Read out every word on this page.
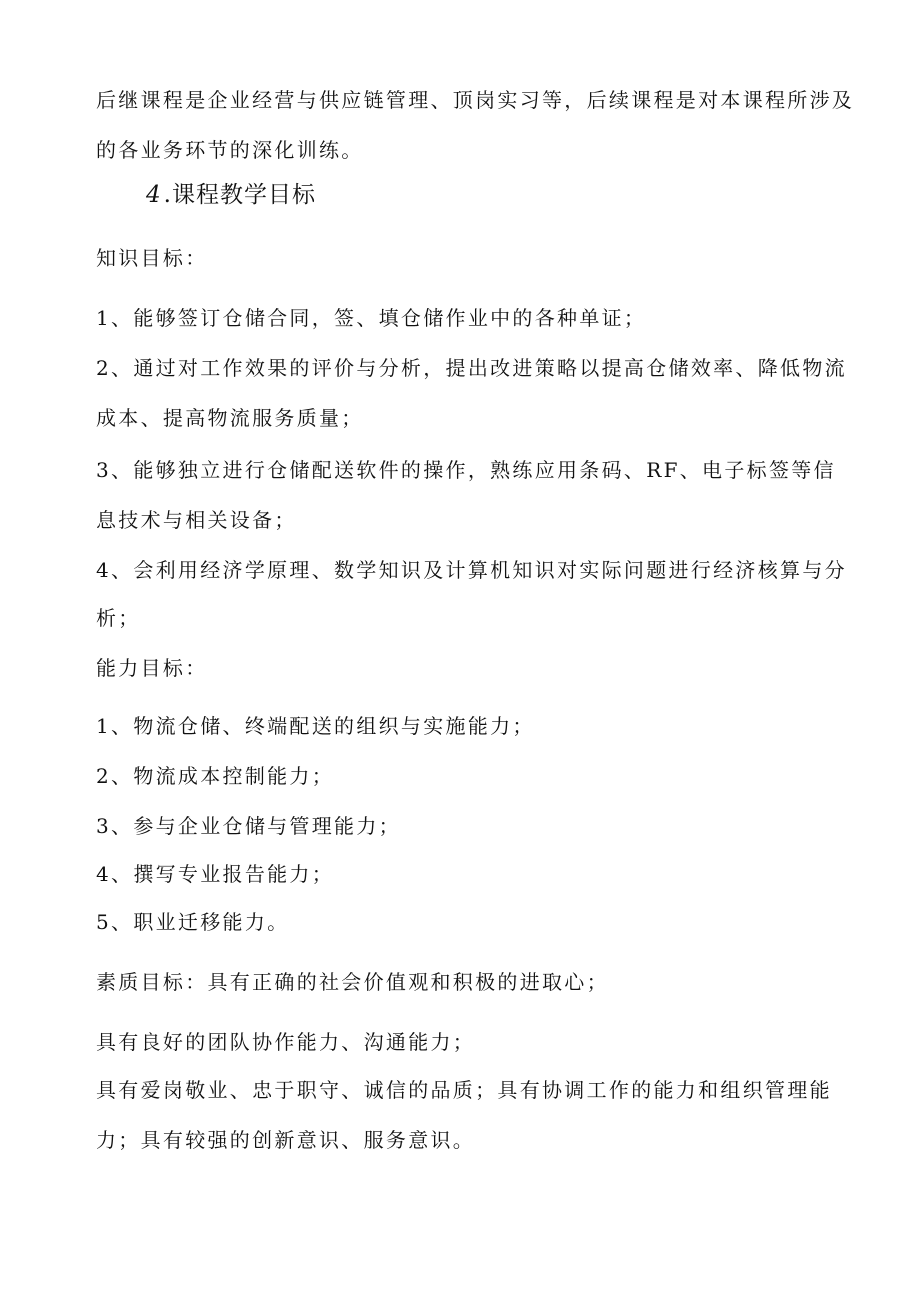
后继课程是企业经营与供应链管理、顶岗实习等，后续课程是对本课程所涉及
的各业务环节的深化训练。
4.课程教学目标
知识目标：
1、能够签订仓储合同，签、填仓储作业中的各种单证；
2、通过对工作效果的评价与分析，提出改进策略以提高仓储效率、降低物流
成本、提高物流服务质量；
3、能够独立进行仓储配送软件的操作，熟练应用条码、RF、电子标签等信
息技术与相关设备；
4、会利用经济学原理、数学知识及计算机知识对实际问题进行经济核算与分
析；
能力目标：
1、物流仓储、终端配送的组织与实施能力；
2、物流成本控制能力；
3、参与企业仓储与管理能力；
4、撰写专业报告能力；
5、职业迁移能力。
素质目标：具有正确的社会价值观和积极的进取心；
具有良好的团队协作能力、沟通能力；
具有爱岗敬业、忠于职守、诚信的品质；具有协调工作的能力和组织管理能
力；具有较强的创新意识、服务意识。
